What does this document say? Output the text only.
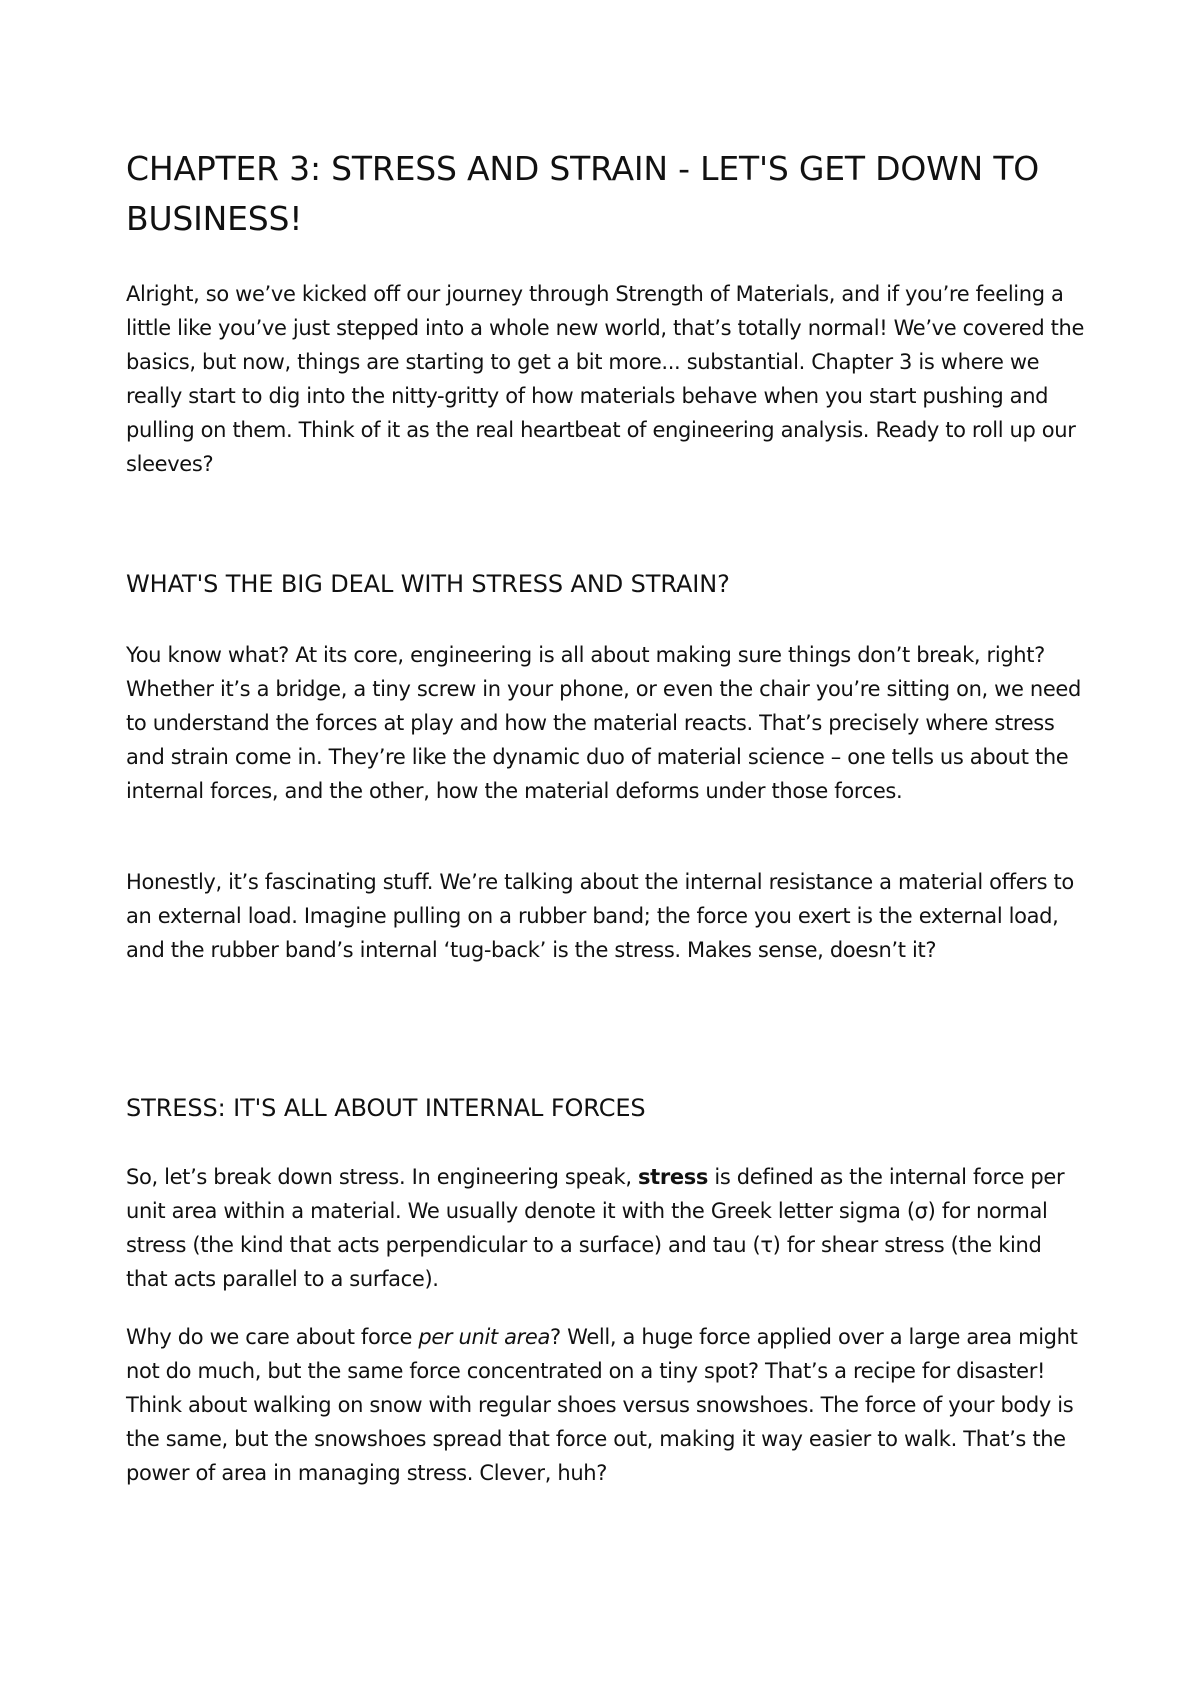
CHAPTER 3: STRESS AND STRAIN - LET'S GET DOWN TO BUSINESS!

Alright, so we’ve kicked off our journey through Strength of Materials, and if you’re feeling a little like you’ve just stepped into a whole new world, that’s totally normal! We’ve covered the basics, but now, things are starting to get a bit more... substantial. Chapter 3 is where we really start to dig into the nitty-gritty of how materials behave when you start pushing and pulling on them. Think of it as the real heartbeat of engineering analysis. Ready to roll up our sleeves?

WHAT'S THE BIG DEAL WITH STRESS AND STRAIN?

You know what? At its core, engineering is all about making sure things don’t break, right? Whether it’s a bridge, a tiny screw in your phone, or even the chair you’re sitting on, we need to understand the forces at play and how the material reacts. That’s precisely where stress and strain come in. They’re like the dynamic duo of material science – one tells us about the internal forces, and the other, how the material deforms under those forces.

Honestly, it’s fascinating stuff. We’re talking about the internal resistance a material offers to an external load. Imagine pulling on a rubber band; the force you exert is the external load, and the rubber band’s internal ‘tug-back’ is the stress. Makes sense, doesn’t it?

STRESS: IT'S ALL ABOUT INTERNAL FORCES

So, let’s break down stress. In engineering speak, stress is defined as the internal force per unit area within a material. We usually denote it with the Greek letter sigma (σ) for normal stress (the kind that acts perpendicular to a surface) and tau (τ) for shear stress (the kind that acts parallel to a surface).

Why do we care about force per unit area? Well, a huge force applied over a large area might not do much, but the same force concentrated on a tiny spot? That’s a recipe for disaster! Think about walking on snow with regular shoes versus snowshoes. The force of your body is the same, but the snowshoes spread that force out, making it way easier to walk. That’s the power of area in managing stress. Clever, huh?
